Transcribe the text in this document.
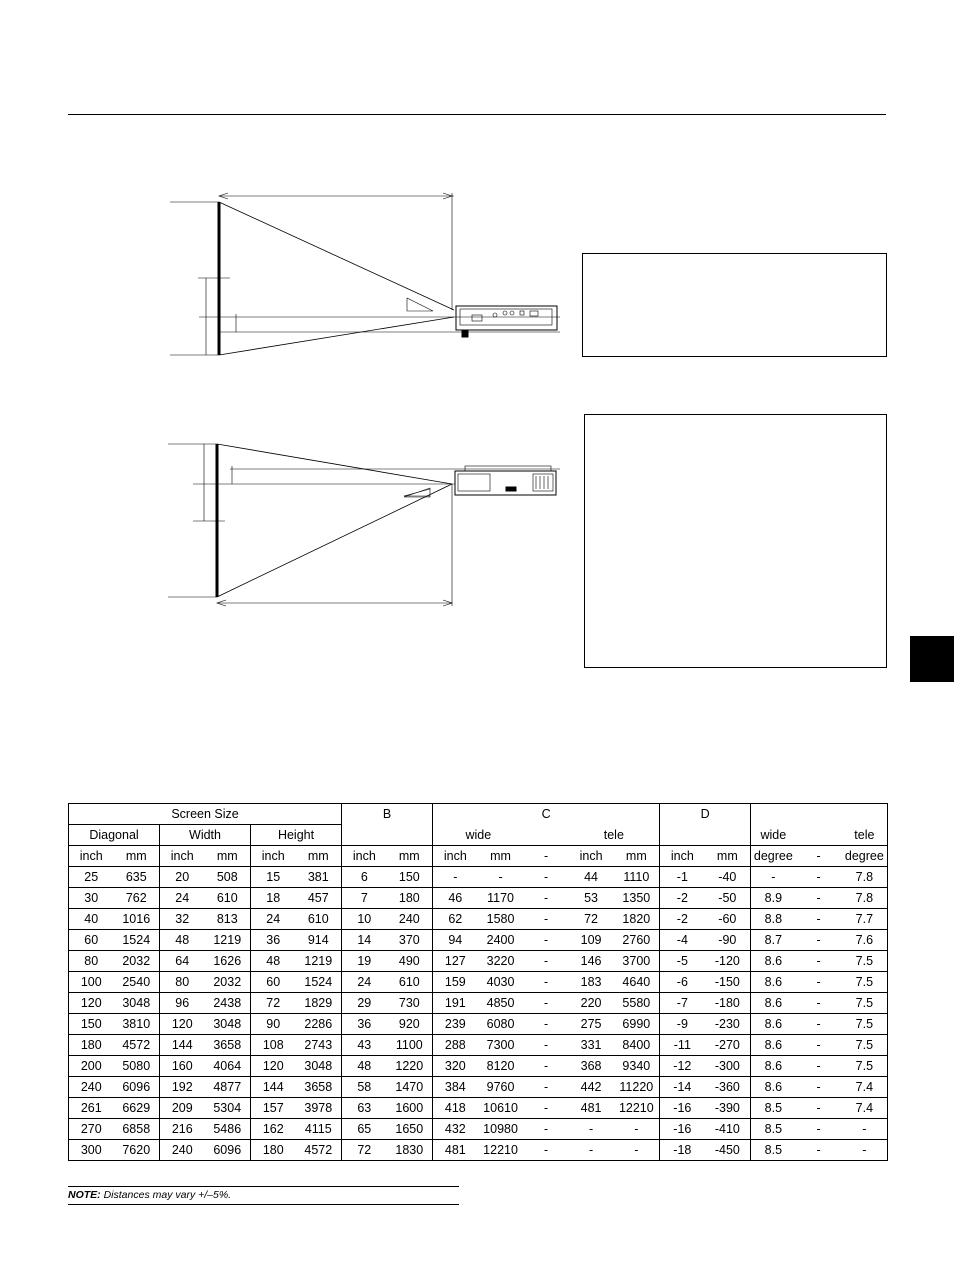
Screen Size						B		C					D				
Diagonal		Width		Height				wide			tele				wide		tele
inch	mm	inch	mm	inch	mm	inch	mm	inch	mm	-	inch	mm	inch	mm	degree	-	degree
25	635	20	508	15	381	6	150	-	-	-	44	1110	-1	-40	-	-	7.8
30	762	24	610	18	457	7	180	46	1170	-	53	1350	-2	-50	8.9	-	7.8
40	1016	32	813	24	610	10	240	62	1580	-	72	1820	-2	-60	8.8	-	7.7
60	1524	48	1219	36	914	14	370	94	2400	-	109	2760	-4	-90	8.7	-	7.6
80	2032	64	1626	48	1219	19	490	127	3220	-	146	3700	-5	-120	8.6	-	7.5
100	2540	80	2032	60	1524	24	610	159	4030	-	183	4640	-6	-150	8.6	-	7.5
120	3048	96	2438	72	1829	29	730	191	4850	-	220	5580	-7	-180	8.6	-	7.5
150	3810	120	3048	90	2286	36	920	239	6080	-	275	6990	-9	-230	8.6	-	7.5
180	4572	144	3658	108	2743	43	1100	288	7300	-	331	8400	-11	-270	8.6	-	7.5
200	5080	160	4064	120	3048	48	1220	320	8120	-	368	9340	-12	-300	8.6	-	7.5
240	6096	192	4877	144	3658	58	1470	384	9760	-	442	11220	-14	-360	8.6	-	7.4
261	6629	209	5304	157	3978	63	1600	418	10610	-	481	12210	-16	-390	8.5	-	7.4
270	6858	216	5486	162	4115	65	1650	432	10980	-	-	-	-16	-410	8.5	-	-
300	7620	240	6096	180	4572	72	1830	481	12210	-	-	-	-18	-450	8.5	-	-
NOTE: Distances may vary +/–5%.
